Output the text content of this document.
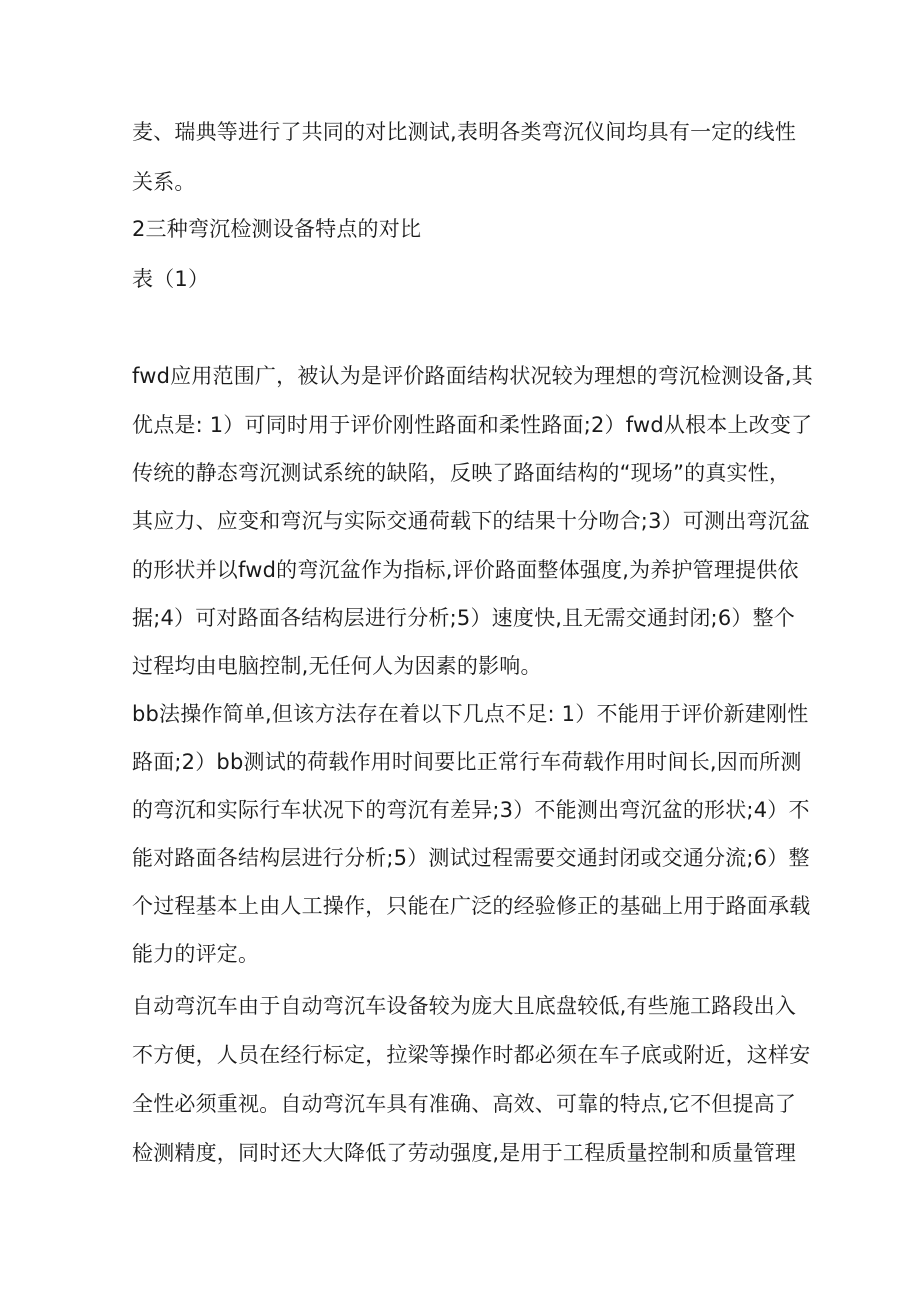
麦、瑞典等进行了共同的对比测试,表明各类弯沉仪间均具有一定的线性
关系。
2三种弯沉检测设备特点的对比
表（1）
fwd应用范围广，被认为是评价路面结构状况较为理想的弯沉检测设备,其
优点是: 1）可同时用于评价刚性路面和柔性路面;2）fwd从根本上改变了
传统的静态弯沉测试系统的缺陷，反映了路面结构的“现场”的真实性，
其应力、应变和弯沉与实际交通荷载下的结果十分吻合;3）可测出弯沉盆
的形状并以fwd的弯沉盆作为指标,评价路面整体强度,为养护管理提供依
据;4）可对路面各结构层进行分析;5）速度快,且无需交通封闭;6）整个
过程均由电脑控制,无任何人为因素的影响。
bb法操作简单,但该方法存在着以下几点不足: 1）不能用于评价新建刚性
路面;2）bb测试的荷载作用时间要比正常行车荷载作用时间长,因而所测
的弯沉和实际行车状况下的弯沉有差异;3）不能测出弯沉盆的形状;4）不
能对路面各结构层进行分析;5）测试过程需要交通封闭或交通分流;6）整
个过程基本上由人工操作，只能在广泛的经验修正的基础上用于路面承载
能力的评定。
自动弯沉车由于自动弯沉车设备较为庞大且底盘较低,有些施工路段出入
不方便，人员在经行标定，拉梁等操作时都必须在车子底或附近，这样安
全性必须重视。自动弯沉车具有准确、高效、可靠的特点,它不但提高了
检测精度，同时还大大降低了劳动强度,是用于工程质量控制和质量管理
